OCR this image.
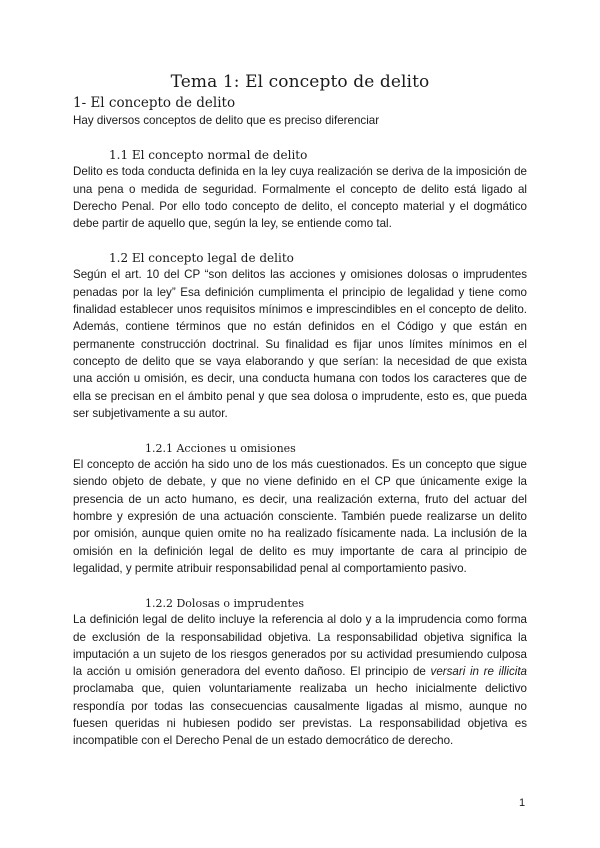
Tema 1: El concepto de delito
1- El concepto de delito

Hay diversos conceptos de delito que es preciso diferenciar

1.1 El concepto normal de delito

Delito es toda conducta definida en la ley cuya realización se deriva de la imposición de una pena o medida de seguridad. Formalmente el concepto de delito está ligado al Derecho Penal. Por ello todo concepto de delito, el concepto material y el dogmático debe partir de aquello que, según la ley, se entiende como tal.

1.2 El concepto legal de delito

Según el art. 10 del CP “son delitos las acciones y omisiones dolosas o imprudentes penadas por la ley” Esa definición cumplimenta el principio de legalidad y tiene como finalidad establecer unos requisitos mínimos e imprescindibles en el concepto de delito. Además, contiene términos que no están definidos en el Código y que están en permanente construcción doctrinal. Su finalidad es fijar unos límites mínimos en el concepto de delito que se vaya elaborando y que serían: la necesidad de que exista una acción u omisión, es decir, una conducta humana con todos los caracteres que de ella se precisan en el ámbito penal y que sea dolosa o imprudente, esto es, que pueda ser subjetivamente a su autor.

1.2.1 Acciones u omisiones

El concepto de acción ha sido uno de los más cuestionados. Es un concepto que sigue siendo objeto de debate, y que no viene definido en el CP que únicamente exige la presencia de un acto humano, es decir, una realización externa, fruto del actuar del hombre y expresión de una actuación consciente. También puede realizarse un delito por omisión, aunque quien omite no ha realizado físicamente nada. La inclusión de la omisión en la definición legal de delito es muy importante de cara al principio de legalidad, y permite atribuir responsabilidad penal al comportamiento pasivo.

1.2.2 Dolosas o imprudentes

La definición legal de delito incluye la referencia al dolo y a la imprudencia como forma de exclusión de la responsabilidad objetiva. La responsabilidad objetiva significa la imputación a un sujeto de los riesgos generados por su actividad presumiendo culposa la acción u omisión generadora del evento dañoso. El principio de versari in re illicita proclamaba que, quien voluntariamente realizaba un hecho inicialmente delictivo respondía por todas las consecuencias causalmente ligadas al mismo, aunque no fuesen queridas ni hubiesen podido ser previstas. La responsabilidad objetiva es incompatible con el Derecho Penal de un estado democrático de derecho.

1
